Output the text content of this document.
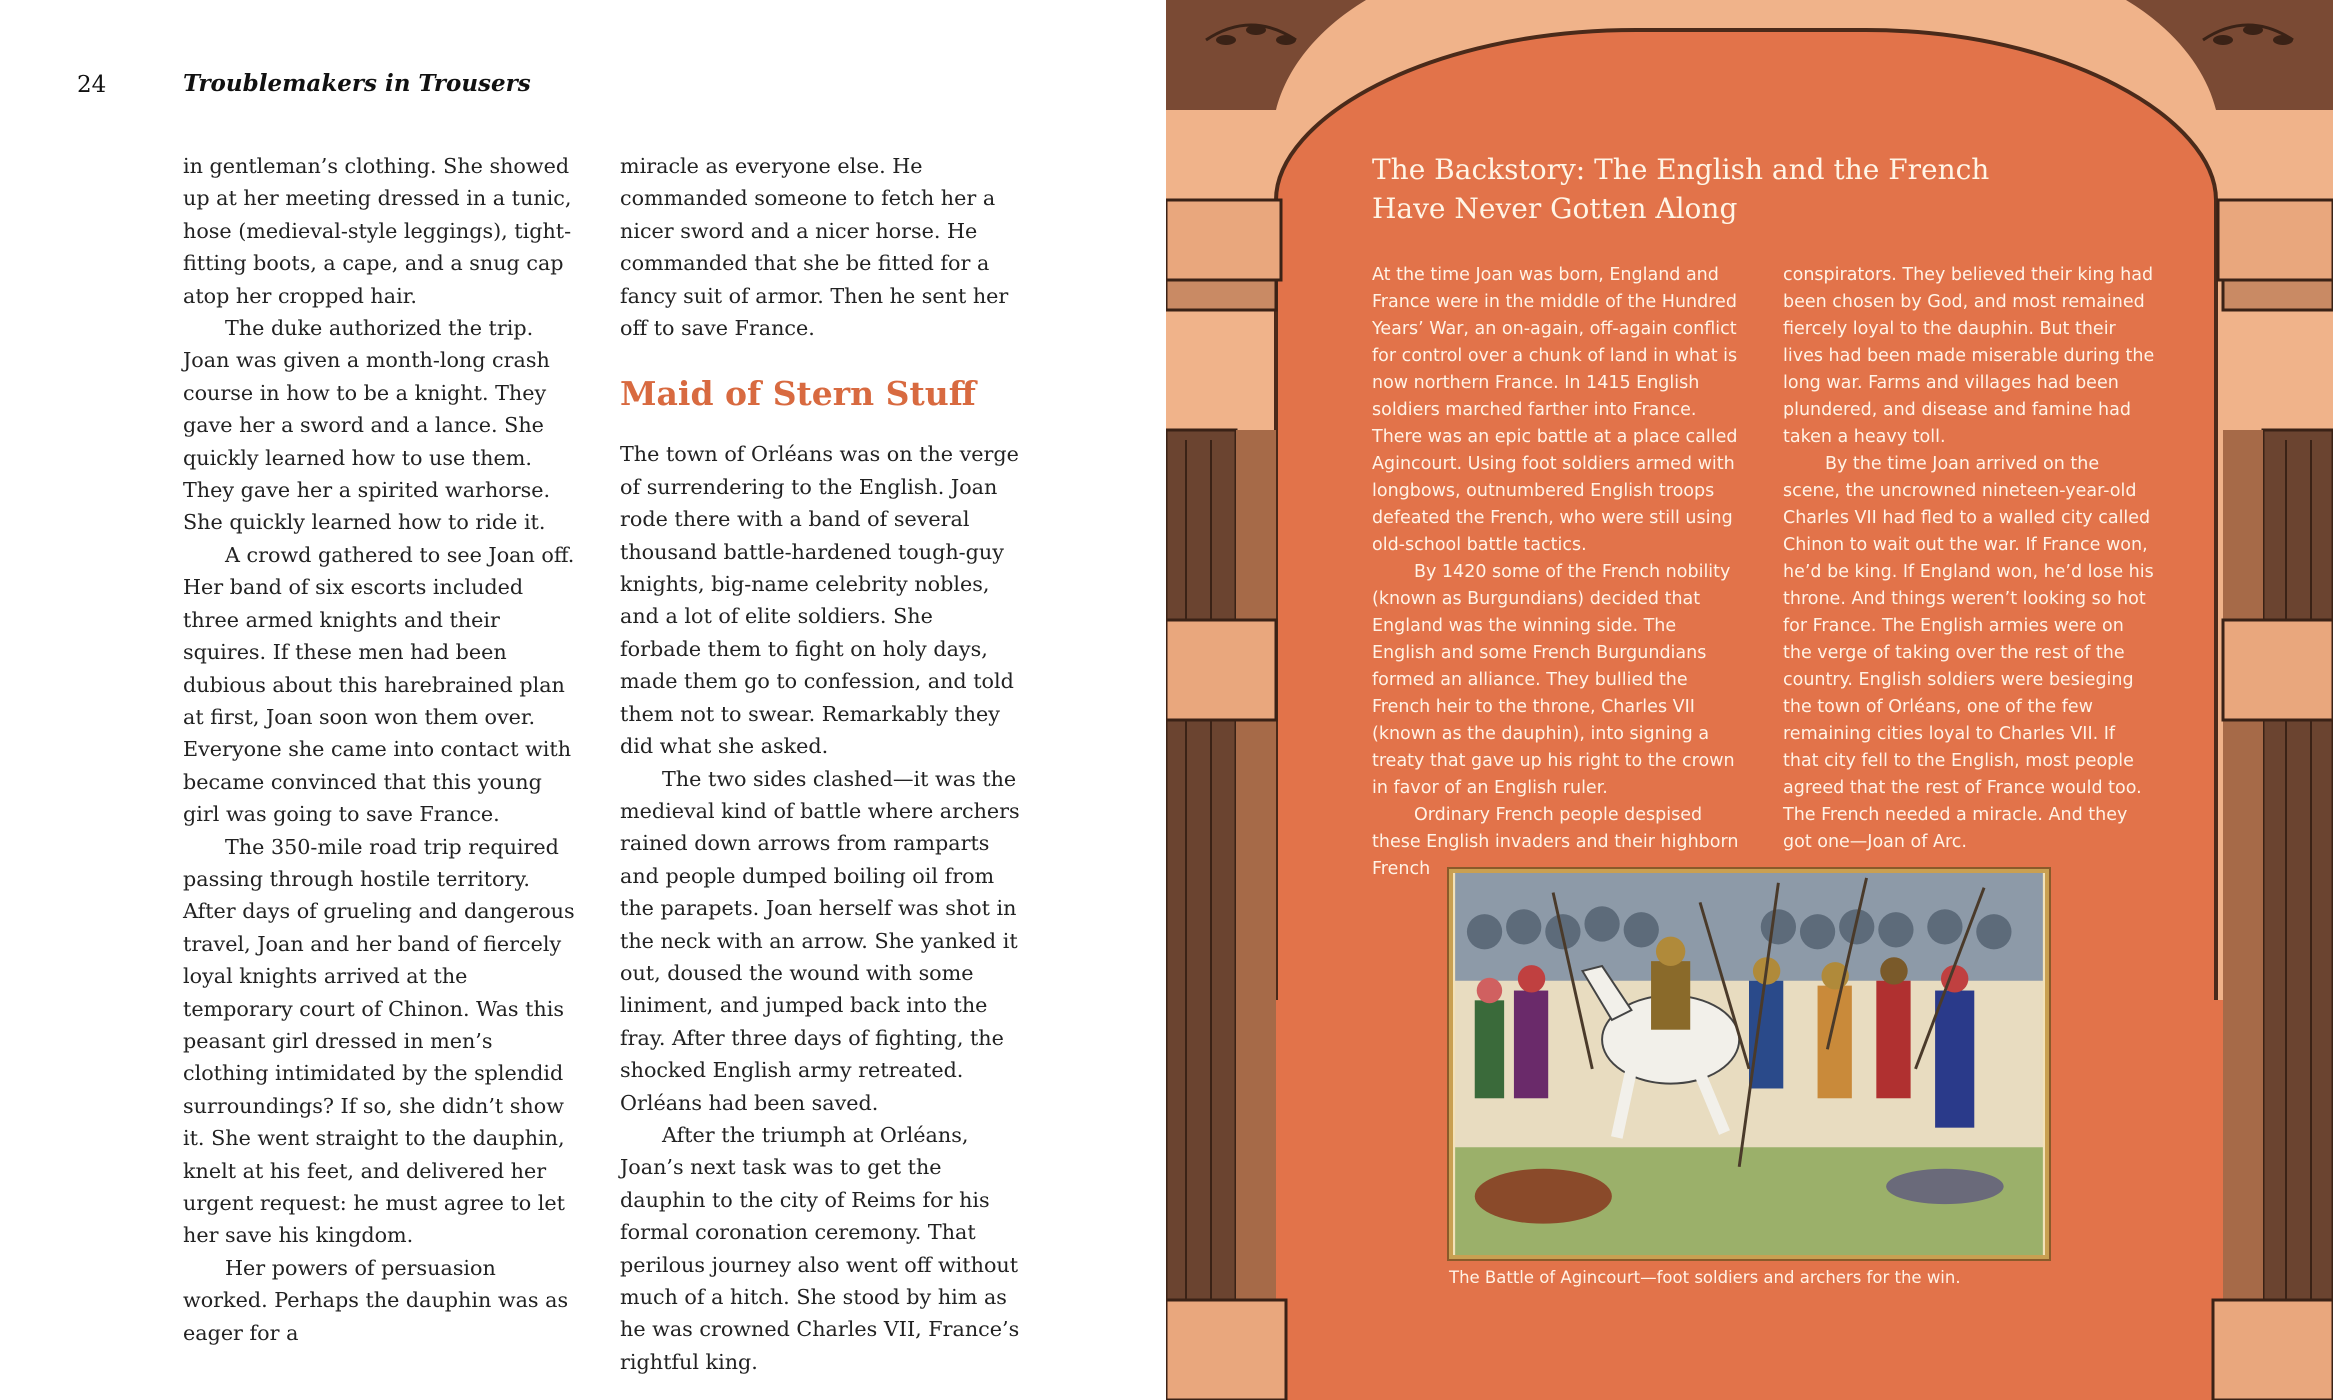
24	Troublemakers in Trousers

in gentleman’s clothing. She showed up at her meeting dressed in a tunic, hose (medieval-style leggings), tight-fitting boots, a cape, and a snug cap atop her cropped hair.

The duke authorized the trip. Joan was given a month-long crash course in how to be a knight. They gave her a sword and a lance. She quickly learned how to use them. They gave her a spirited warhorse. She quickly learned how to ride it.

A crowd gathered to see Joan off. Her band of six escorts included three armed knights and their squires. If these men had been dubious about this harebrained plan at first, Joan soon won them over. Everyone she came into contact with became convinced that this young girl was going to save France.

The 350-mile road trip required passing through hostile territory. After days of grueling and dangerous travel, Joan and her band of fiercely loyal knights arrived at the temporary court of Chinon. Was this peasant girl dressed in men’s clothing intimidated by the splendid surroundings? If so, she didn’t show it. She went straight to the dauphin, knelt at his feet, and delivered her urgent request: he must agree to let her save his kingdom.

Her powers of persuasion worked. Perhaps the dauphin was as eager for a

miracle as everyone else. He commanded someone to fetch her a nicer sword and a nicer horse. He commanded that she be fitted for a fancy suit of armor. Then he sent her off to save France.

Maid of Stern Stuff

The town of Orléans was on the verge of surrendering to the English. Joan rode there with a band of several thousand battle-hardened tough-guy knights, big-name celebrity nobles, and a lot of elite soldiers. She forbade them to fight on holy days, made them go to confession, and told them not to swear. Remarkably they did what she asked.

The two sides clashed—it was the medieval kind of battle where archers rained down arrows from ramparts and people dumped boiling oil from the parapets. Joan herself was shot in the neck with an arrow. She yanked it out, doused the wound with some liniment, and jumped back into the fray. After three days of fighting, the shocked English army retreated. Orléans had been saved.

After the triumph at Orléans, Joan’s next task was to get the dauphin to the city of Reims for his formal coronation ceremony. That perilous journey also went off without much of a hitch. She stood by him as he was crowned Charles VII, France’s rightful king.

The Backstory: The English and the French Have Never Gotten Along

At the time Joan was born, England and France were in the middle of the Hundred Years’ War, an on-again, off-again conflict for control over a chunk of land in what is now northern France. In 1415 English soldiers marched farther into France. There was an epic battle at a place called Agincourt. Using foot soldiers armed with longbows, outnumbered English troops defeated the French, who were still using old-school battle tactics.

By 1420 some of the French nobility (known as Burgundians) decided that England was the winning side. The English and some French Burgundians formed an alliance. They bullied the French heir to the throne, Charles VII (known as the dauphin), into signing a treaty that gave up his right to the crown in favor of an English ruler.

Ordinary French people despised these English invaders and their highborn French

conspirators. They believed their king had been chosen by God, and most remained fiercely loyal to the dauphin. But their lives had been made miserable during the long war. Farms and villages had been plundered, and disease and famine had taken a heavy toll.

By the time Joan arrived on the scene, the uncrowned nineteen-year-old Charles VII had fled to a walled city called Chinon to wait out the war. If France won, he’d be king. If England won, he’d lose his throne. And things weren’t looking so hot for France. The English armies were on the verge of taking over the rest of the country. English soldiers were besieging the town of Orléans, one of the few remaining cities loyal to Charles VII. If that city fell to the English, most people agreed that the rest of France would too. The French needed a miracle. And they got one—Joan of Arc.

The Battle of Agincourt—foot soldiers and archers for the win.
